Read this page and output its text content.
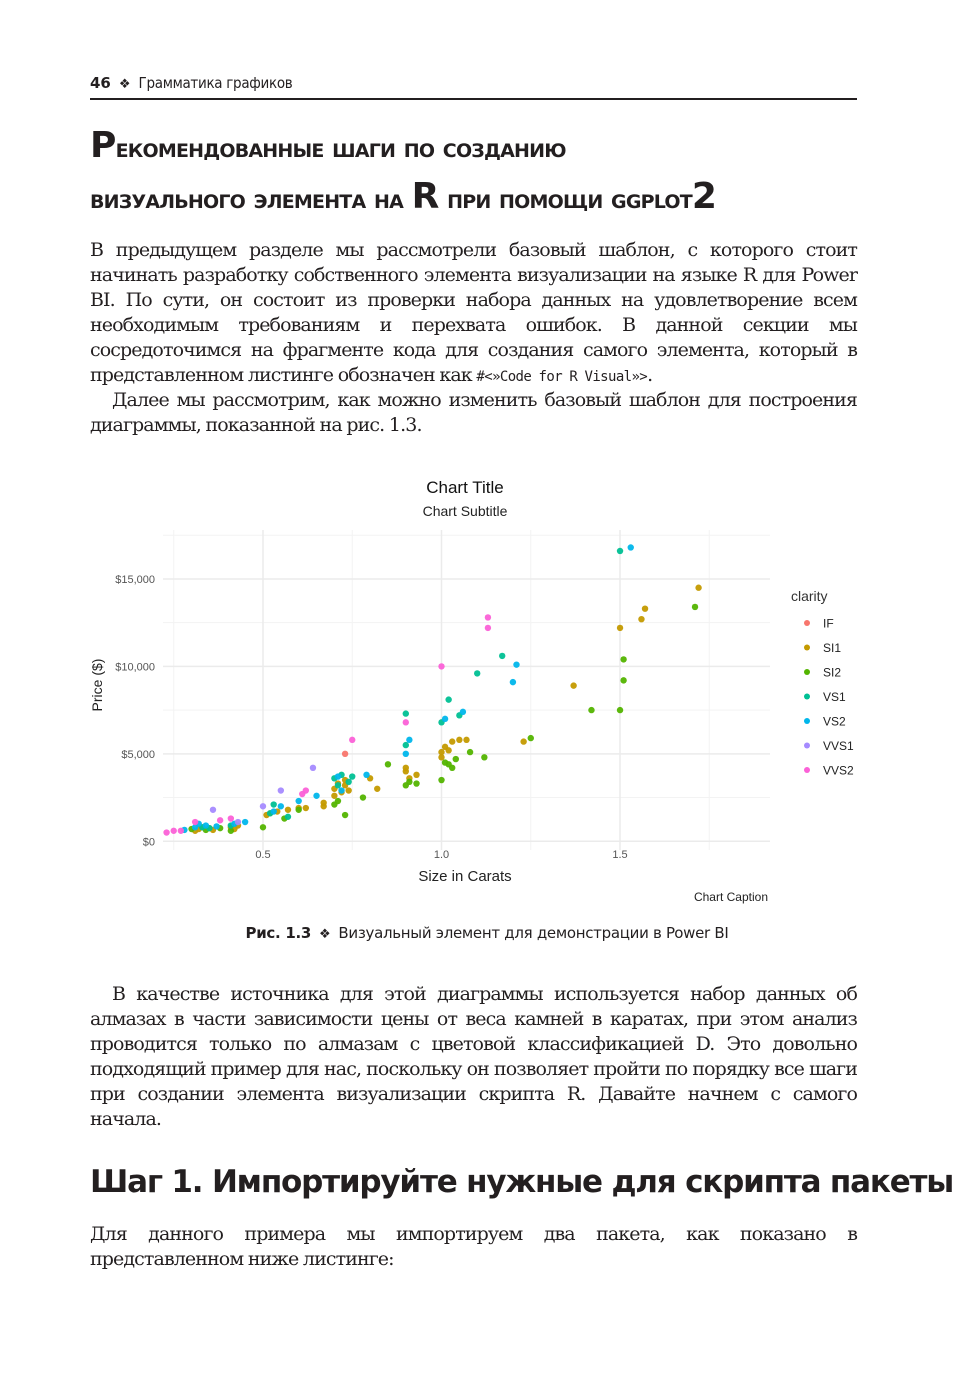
46 ❖ Грамматика графиков
Рекомендованные шаги по созданию
визуального элемента на R при помощи ggplot2

В предыдущем разделе мы рассмотрели базовый шаблон, с которого стоит начинать разработку собственного элемента визуализации на языке R для Power BI. По сути, он состоит из проверки набора данных на удовлетворение всем необходимым требованиям и перехвата ошибок. В данной секции мы сосредоточимся на фрагменте кода для создания самого элемента, который в представленном листинге обозначен как #<»Code for R Visual»>.

Далее мы рассмотрим, как можно изменить базовый шаблон для построения диаграммы, показанной на рис. 1.3.

0.5	1.0	1.5
$0
$5,000
$10,000
$15,000
Chart Title
Chart Subtitle
Size in Carats
Price ($)
Chart Caption
clarity
IF
SI1
SI2
VS1
VS2
VVS1
VVS2
Рис. 1.3 ❖ Визуальный элемент для демонстрации в Power BI

В качестве источника для этой диаграммы используется набор данных об алмазах в части зависимости цены от веса камней в каратах, при этом анализ проводится только по алмазам с цветовой классификацией D. Это довольно подходящий пример для нас, поскольку он позволяет пройти по порядку все шаги при создании элемента визуализации скрипта R. Давайте начнем с самого начала.

Шаг 1. Импортируйте нужные для скрипта пакеты

Для данного примера мы импортируем два пакета, как показано в представленном ниже листинге:
